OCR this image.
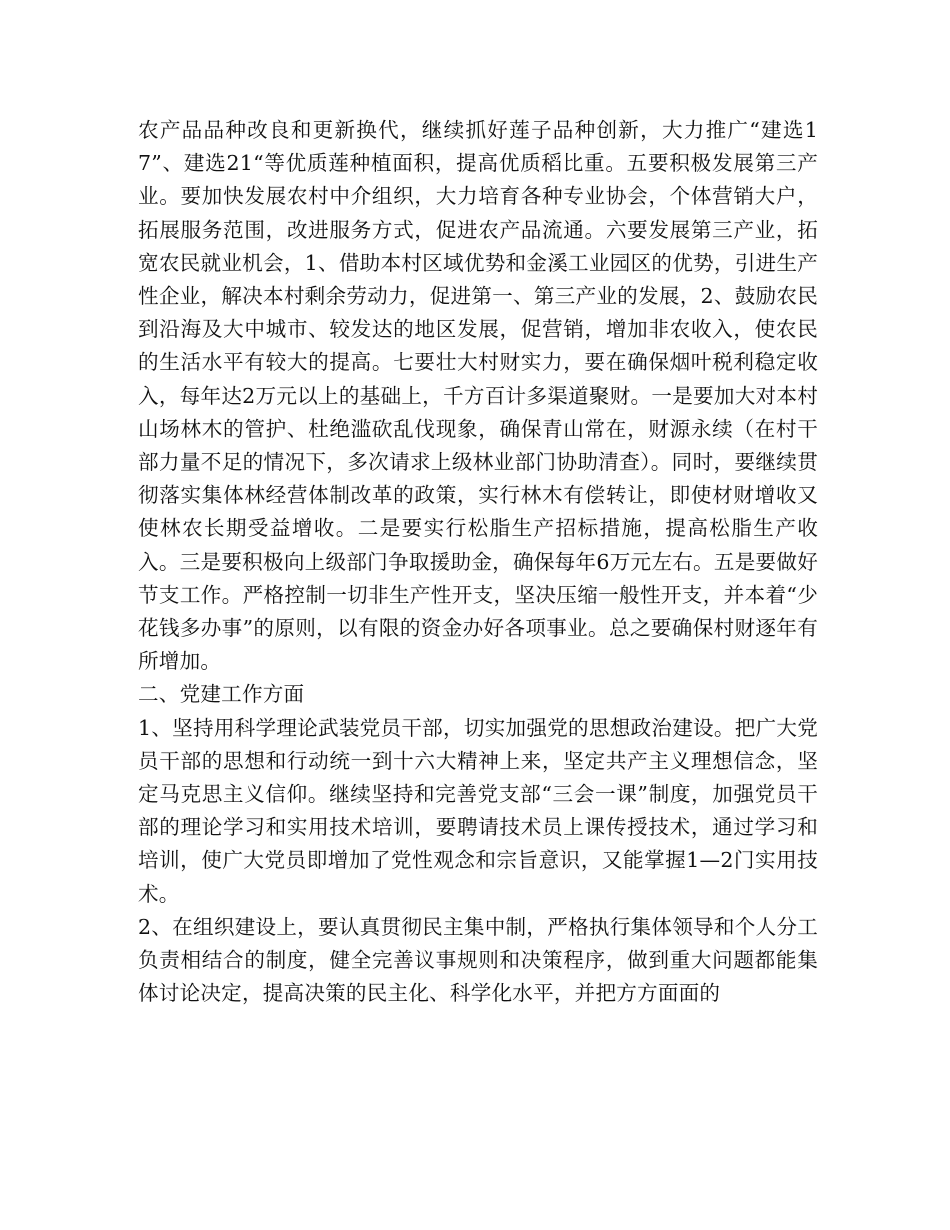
农产品品种改良和更新换代，继续抓好莲子品种创新，大力推广“建选17”、建选21“等优质莲种植面积，提高优质稻比重。五要积极发展第三产业。要加快发展农村中介组织，大力培育各种专业协会，个体营销大户，拓展服务范围，改进服务方式，促进农产品流通。六要发展第三产业，拓宽农民就业机会，1、借助本村区域优势和金溪工业园区的优势，引进生产性企业，解决本村剩余劳动力，促进第一、第三产业的发展，2、鼓励农民到沿海及大中城市、较发达的地区发展，促营销，增加非农收入，使农民的生活水平有较大的提高。七要壮大村财实力，要在确保烟叶税利稳定收入，每年达2万元以上的基础上，千方百计多渠道聚财。一是要加大对本村山场林木的管护、杜绝滥砍乱伐现象，确保青山常在，财源永续（在村干部力量不足的情况下，多次请求上级林业部门协助清查）。同时，要继续贯彻落实集体林经营体制改革的政策，实行林木有偿转让，即使材财增收又使林农长期受益增收。二是要实行松脂生产招标措施，提高松脂生产收入。三是要积极向上级部门争取援助金，确保每年6万元左右。五是要做好节支工作。严格控制一切非生产性开支，坚决压缩一般性开支，并本着“少花钱多办事”的原则，以有限的资金办好各项事业。总之要确保村财逐年有所增加。

二、党建工作方面

1、坚持用科学理论武装党员干部，切实加强党的思想政治建设。把广大党员干部的思想和行动统一到十六大精神上来，坚定共产主义理想信念，坚定马克思主义信仰。继续坚持和完善党支部“三会一课”制度，加强党员干部的理论学习和实用技术培训，要聘请技术员上课传授技术，通过学习和培训，使广大党员即增加了党性观念和宗旨意识，又能掌握1—2门实用技术。

2、在组织建设上，要认真贯彻民主集中制，严格执行集体领导和个人分工负责相结合的制度，健全完善议事规则和决策程序，做到重大问题都能集体讨论决定，提高决策的民主化、科学化水平，并把方方面面的
